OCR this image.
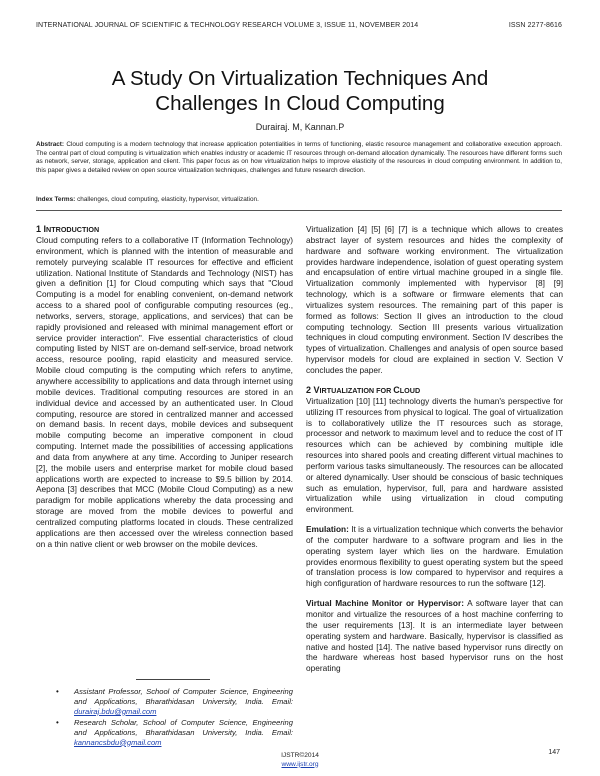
INTERNATIONAL JOURNAL OF SCIENTIFIC & TECHNOLOGY RESEARCH VOLUME 3, ISSUE 11, NOVEMBER 2014	ISSN 2277-8616
A Study On Virtualization Techniques And
Challenges In Cloud Computing
Durairaj. M, Kannan.P
Abstract: Cloud computing is a modern technology that increase application potentialities in terms of functioning, elastic resource management and collaborative execution approach. The central part of cloud computing is virtualization which enables industry or academic IT resources through on-demand allocation dynamically. The resources have different forms such as network, server, storage, application and client. This paper focus as on how virtualization helps to improve elasticity of the resources in cloud computing environment. In addition to, this paper gives a detailed review on open source virtualization techniques, challenges and future research direction.
Index Terms: challenges, cloud computing, elasticity, hypervisor, virtualization.
1 INTRODUCTION

Cloud computing refers to a collaborative IT (Information Technology) environment, which is planned with the intention of measurable and remotely purveying scalable IT resources for effective and efficient utilization. National Institute of Standards and Technology (NIST) has given a definition [1] for Cloud computing which says that "Cloud Computing is a model for enabling convenient, on-demand network access to a shared pool of configurable computing resources (eg., networks, servers, storage, applications, and services) that can be rapidly provisioned and released with minimal management effort or service provider interaction". Five essential characteristics of cloud computing listed by NIST are on-demand self-service, broad network access, resource pooling, rapid elasticity and measured service. Mobile cloud computing is the computing which refers to anytime, anywhere accessibility to applications and data through internet using mobile devices. Traditional computing resources are stored in an individual device and accessed by an authenticated user. In Cloud computing, resource are stored in centralized manner and accessed on demand basis. In recent days, mobile devices and subsequent mobile computing become an imperative component in cloud computing. Internet made the possibilities of accessing applications and data from anywhere at any time. According to Juniper research [2], the mobile users and enterprise market for mobile cloud based applications worth are expected to increase to $9.5 billion by 2014. Aepona [3] describes that MCC (Mobile Cloud Computing) as a new paradigm for mobile applications whereby the data processing and storage are moved from the mobile devices to powerful and centralized computing platforms located in clouds. These centralized applications are then accessed over the wireless connection based on a thin native client or web browser on the mobile devices.

Virtualization [4] [5] [6] [7] is a technique which allows to creates abstract layer of system resources and hides the complexity of hardware and software working environment. The virtualization provides hardware independence, isolation of guest operating system and encapsulation of entire virtual machine grouped in a single file. Virtualization commonly implemented with hypervisor [8] [9] technology, which is a software or firmware elements that can virtualizes system resources. The remaining part of this paper is formed as follows: Section II gives an introduction to the cloud computing technology. Section III presents various virtualization techniques in cloud computing environment. Section IV describes the types of virtualization. Challenges and analysis of open source based hypervisor models for cloud are explained in section V. Section V concludes the paper.

2 VIRTUALIZATION FOR CLOUD

Virtualization [10] [11] technology diverts the human's perspective for utilizing IT resources from physical to logical. The goal of virtualization is to collaboratively utilize the IT resources such as storage, processor and network to maximum level and to reduce the cost of IT resources which can be achieved by combining multiple idle resources into shared pools and creating different virtual machines to perform various tasks simultaneously. The resources can be allocated or altered dynamically. User should be conscious of basic techniques such as emulation, hypervisor, full, para and hardware assisted virtualization while using virtualization in cloud computing environment.

Emulation: It is a virtualization technique which converts the behavior of the computer hardware to a software program and lies in the operating system layer which lies on the hardware. Emulation provides enormous flexibility to guest operating system but the speed of translation process is low compared to hypervisor and requires a high configuration of hardware resources to run the software [12].

Virtual Machine Monitor or Hypervisor: A software layer that can monitor and virtualize the resources of a host machine conferring to the user requirements [13]. It is an intermediate layer between operating system and hardware. Basically, hypervisor is classified as native and hosted [14]. The native based hypervisor runs directly on the hardware whereas host based hypervisor runs on the host operating

• Assistant Professor, School of Computer Science, Engineering and Applications, Bharathidasan University, India. Email: durairaj.bdu@gmail.com
• Research Scholar, School of Computer Science, Engineering and Applications, Bharathidasan University, India. Email: kannancsbdu@gmail.com
147
IJSTR©2014
www.ijstr.org
